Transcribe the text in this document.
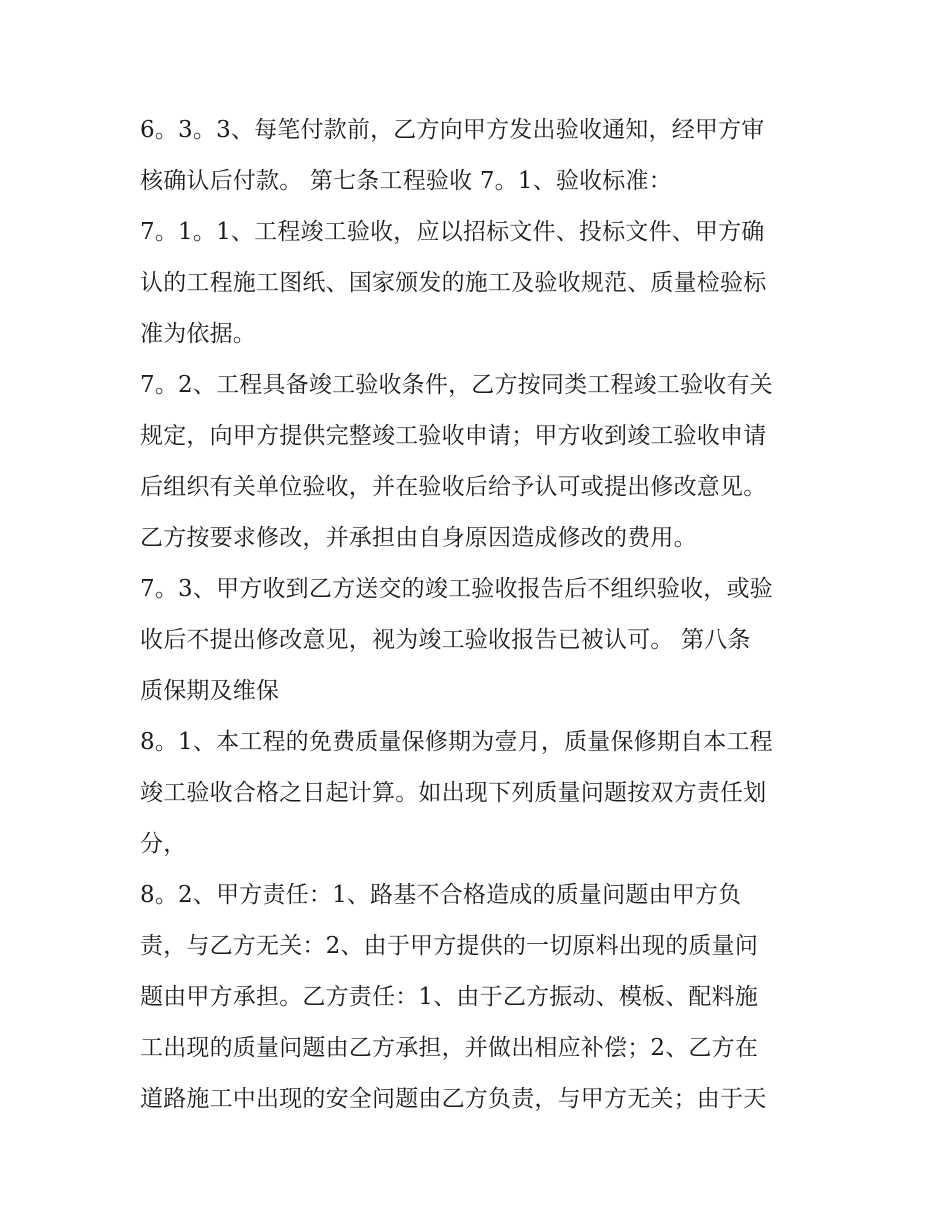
6。3。3、每笔付款前，乙方向甲方发出验收通知，经甲方审
核确认后付款。 第七条工程验收 7。1、验收标准：
7。1。1、工程竣工验收，应以招标文件、投标文件、甲方确
认的工程施工图纸、国家颁发的施工及验收规范、质量检验标
准为依据。
7。2、工程具备竣工验收条件，乙方按同类工程竣工验收有关
规定，向甲方提供完整竣工验收申请；甲方收到竣工验收申请
后组织有关单位验收，并在验收后给予认可或提出修改意见。
乙方按要求修改，并承担由自身原因造成修改的费用。
7。3、甲方收到乙方送交的竣工验收报告后不组织验收，或验
收后不提出修改意见，视为竣工验收报告已被认可。 第八条
质保期及维保
8。1、本工程的免费质量保修期为壹月，质量保修期自本工程
竣工验收合格之日起计算。如出现下列质量问题按双方责任划
分，
8。2、甲方责任：1、路基不合格造成的质量问题由甲方负
责，与乙方无关：2、由于甲方提供的一切原料出现的质量问
题由甲方承担。乙方责任：1、由于乙方振动、模板、配料施
工出现的质量问题由乙方承担，并做出相应补偿；2、乙方在
道路施工中出现的安全问题由乙方负责，与甲方无关；由于天
